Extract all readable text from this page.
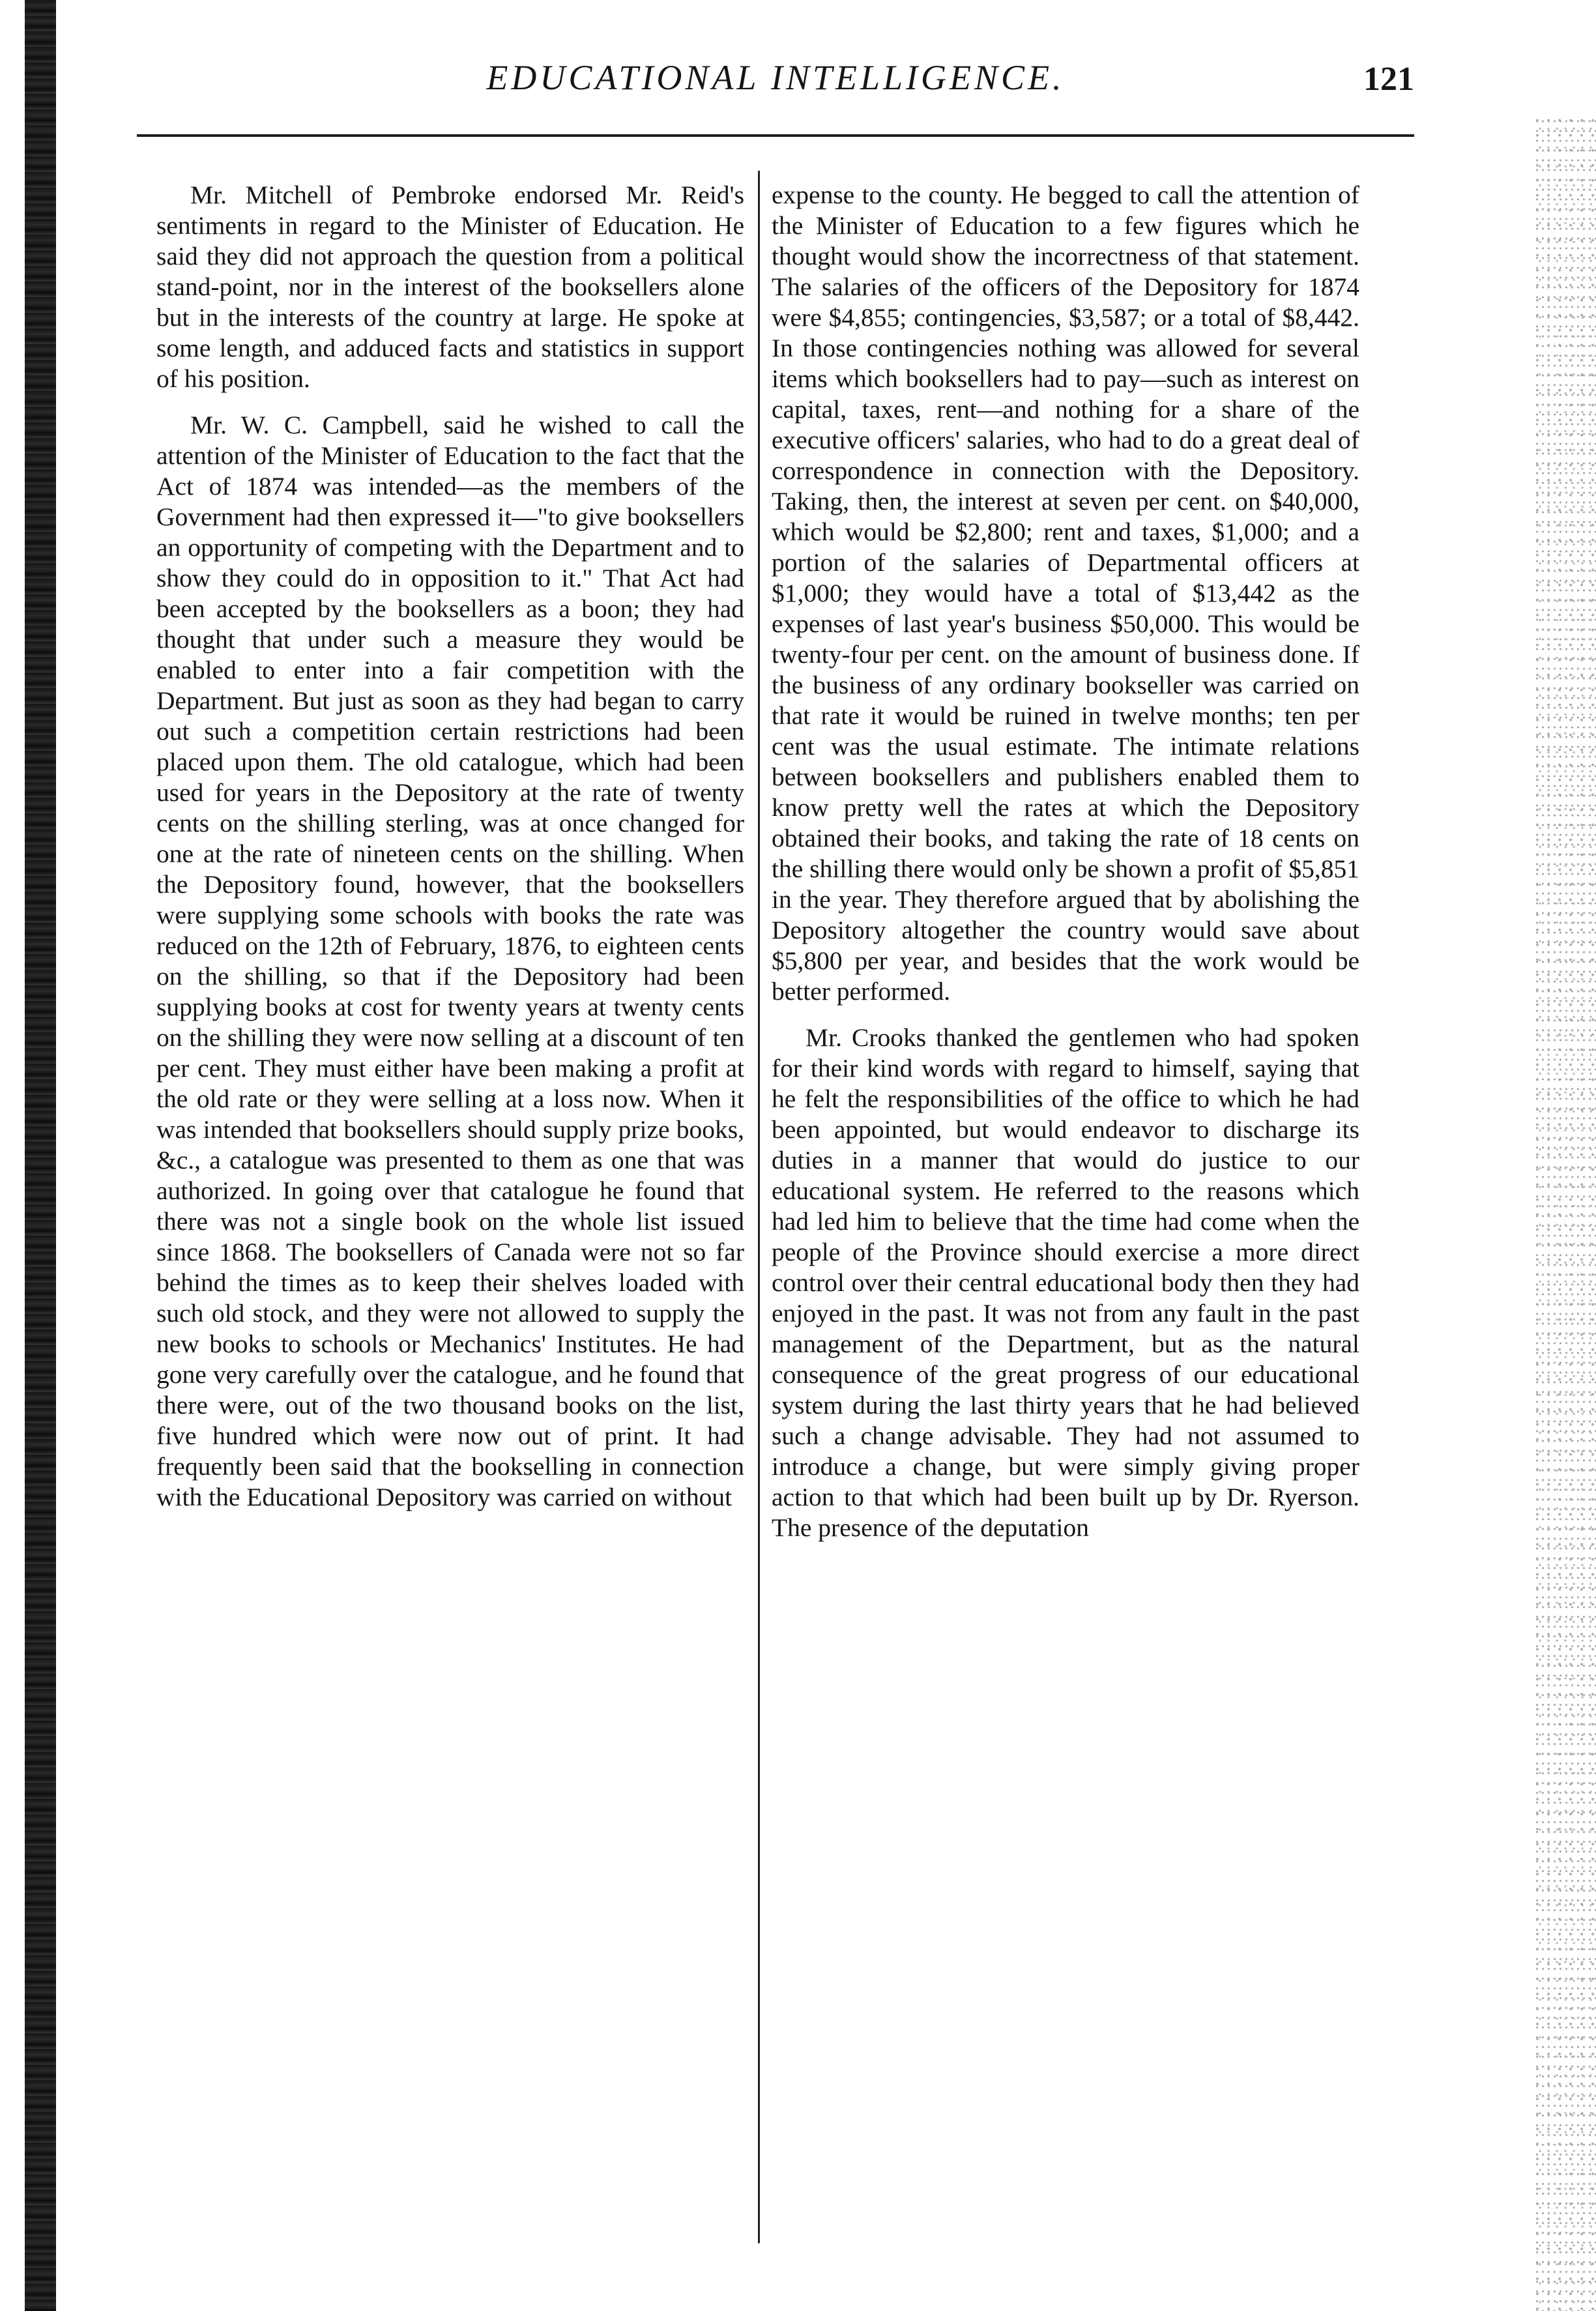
EDUCATIONAL INTELLIGENCE.	121

Mr. Mitchell of Pembroke endorsed Mr. Reid's sentiments in regard to the Minister of Education. He said they did not approach the question from a political stand-point, nor in the interest of the booksellers alone but in the interests of the country at large. He spoke at some length, and adduced facts and statistics in support of his position.

Mr. W. C. Campbell, said he wished to call the attention of the Minister of Education to the fact that the Act of 1874 was intended—as the members of the Government had then expressed it—"to give booksellers an opportunity of competing with the Department and to show they could do in opposition to it." That Act had been accepted by the booksellers as a boon; they had thought that under such a measure they would be enabled to enter into a fair competition with the Department. But just as soon as they had began to carry out such a competition certain restrictions had been placed upon them. The old catalogue, which had been used for years in the Depository at the rate of twenty cents on the shilling sterling, was at once changed for one at the rate of nineteen cents on the shilling. When the Depository found, however, that the booksellers were supplying some schools with books the rate was reduced on the 12th of February, 1876, to eighteen cents on the shilling, so that if the Depository had been supplying books at cost for twenty years at twenty cents on the shilling they were now selling at a discount of ten per cent. They must either have been making a profit at the old rate or they were selling at a loss now. When it was intended that booksellers should supply prize books, &c., a catalogue was presented to them as one that was authorized. In going over that catalogue he found that there was not a single book on the whole list issued since 1868. The booksellers of Canada were not so far behind the times as to keep their shelves loaded with such old stock, and they were not allowed to supply the new books to schools or Mechanics' Institutes. He had gone very carefully over the catalogue, and he found that there were, out of the two thousand books on the list, five hundred which were now out of print. It had frequently been said that the bookselling in connection with the Educational Depository was carried on without

expense to the county. He begged to call the attention of the Minister of Education to a few figures which he thought would show the incorrectness of that statement. The salaries of the officers of the Depository for 1874 were $4,855; contingencies, $3,587; or a total of $8,442. In those contingencies nothing was allowed for several items which booksellers had to pay—such as interest on capital, taxes, rent—and nothing for a share of the executive officers' salaries, who had to do a great deal of correspondence in connection with the Depository. Taking, then, the interest at seven per cent. on $40,000, which would be $2,800; rent and taxes, $1,000; and a portion of the salaries of Departmental officers at $1,000; they would have a total of $13,442 as the expenses of last year's business $50,000. This would be twenty-four per cent. on the amount of business done. If the business of any ordinary bookseller was carried on that rate it would be ruined in twelve months; ten per cent was the usual estimate. The intimate relations between booksellers and publishers enabled them to know pretty well the rates at which the Depository obtained their books, and taking the rate of 18 cents on the shilling there would only be shown a profit of $5,851 in the year. They therefore argued that by abolishing the Depository altogether the country would save about $5,800 per year, and besides that the work would be better performed.

Mr. Crooks thanked the gentlemen who had spoken for their kind words with regard to himself, saying that he felt the responsibilities of the office to which he had been appointed, but would endeavor to discharge its duties in a manner that would do justice to our educational system. He referred to the reasons which had led him to believe that the time had come when the people of the Province should exercise a more direct control over their central educational body then they had enjoyed in the past. It was not from any fault in the past management of the Department, but as the natural consequence of the great progress of our educational system during the last thirty years that he had believed such a change advisable. They had not assumed to introduce a change, but were simply giving proper action to that which had been built up by Dr. Ryerson. The presence of the deputation
